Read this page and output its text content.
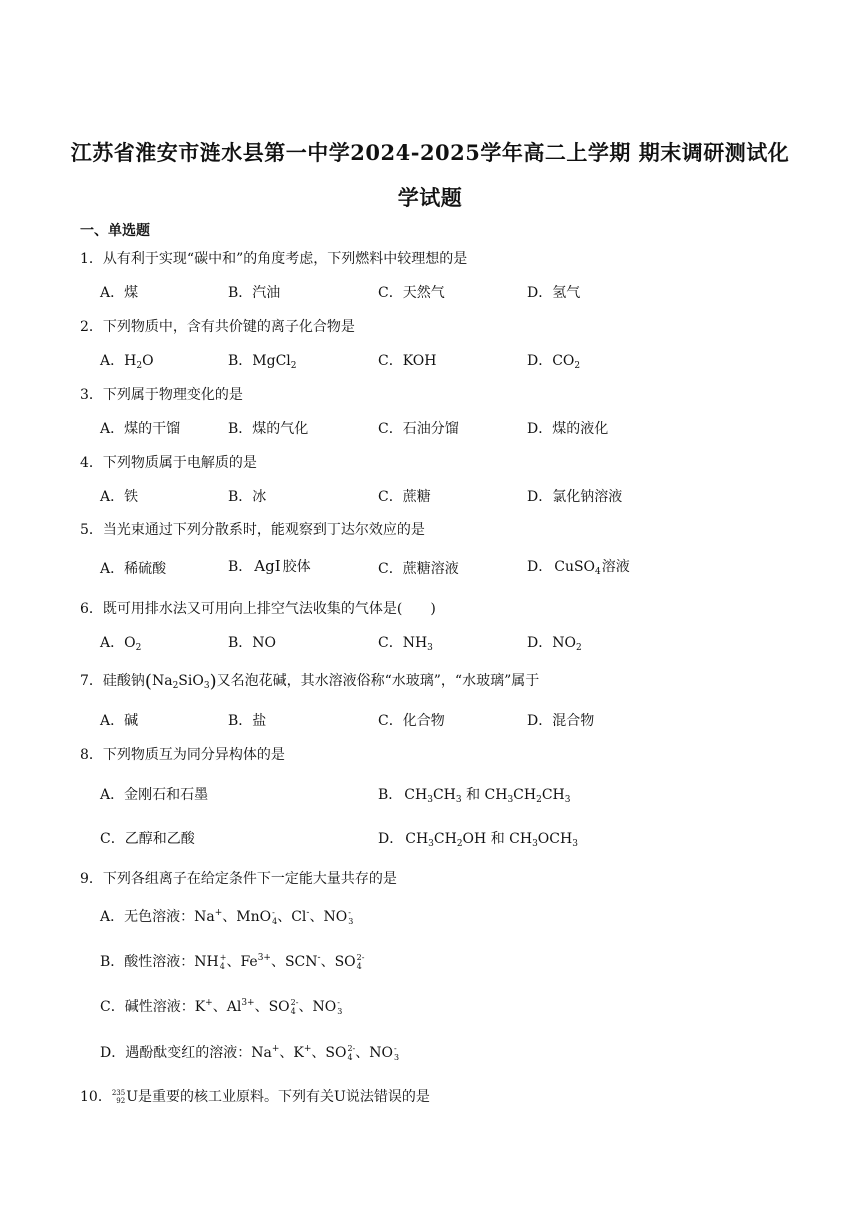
江苏省淮安市涟水县第一中学2024-2025学年高二上学期 期末调研测试化
学试题
一、单选题
1．从有利于实现“碳中和”的角度考虑，下列燃料中较理想的是
A．煤	B．汽油	C．天然气	D．氢气
2．下列物质中，含有共价键的离子化合物是
A．$H_2O$	B．MgCl$_2$	C．KOH	D．$CO_2$
3．下列属于物理变化的是
A．煤的干馏	B．煤的气化	C．石油分馏	D．煤的液化
4．下列物质属于电解质的是
A．铁	B．冰	C．蔗糖	D．氯化钠溶液
5．当光束通过下列分散系时，能观察到丁达尔效应的是
A．稀硫酸	B． AgI 胶体	C．蔗糖溶液	D． CuSO$_4$溶液
6．既可用排水法又可用向上排空气法收集的气体是(　　)
A．$O_2$	B．NO	C．$NH_3$	D．$NO_2$
7．硅酸钠$(Na_2SiO_3)$又名泡花碱，其水溶液俗称“水玻璃”，“水玻璃”属于
A．碱	B．盐	C．化合物	D．混合物
8．下列物质互为同分异构体的是
A．金刚石和石墨	B． $CH_3CH_3$ 和 $CH_3CH_2CH_3$
C．乙醇和乙酸	D． $CH_3CH_2OH$ 和 $CH_3OCH_3$
9．下列各组离子在给定条件下一定能大量共存的是
A．无色溶液：Na+、MnO -
4 、Cl-、NO -
3
B．酸性溶液：NH +
4 、$Fe^{3+}$、SCN-、SO 2-
4
C．碱性溶液：K+、$Al^{3+}$、SO 2-
4 、NO -
3
D．遇酚酞变红的溶液：Na+、K+、SO 2-
4 、NO -
3
10． 235
92 U是重要的核工业原料。下列有关U说法错误的是
